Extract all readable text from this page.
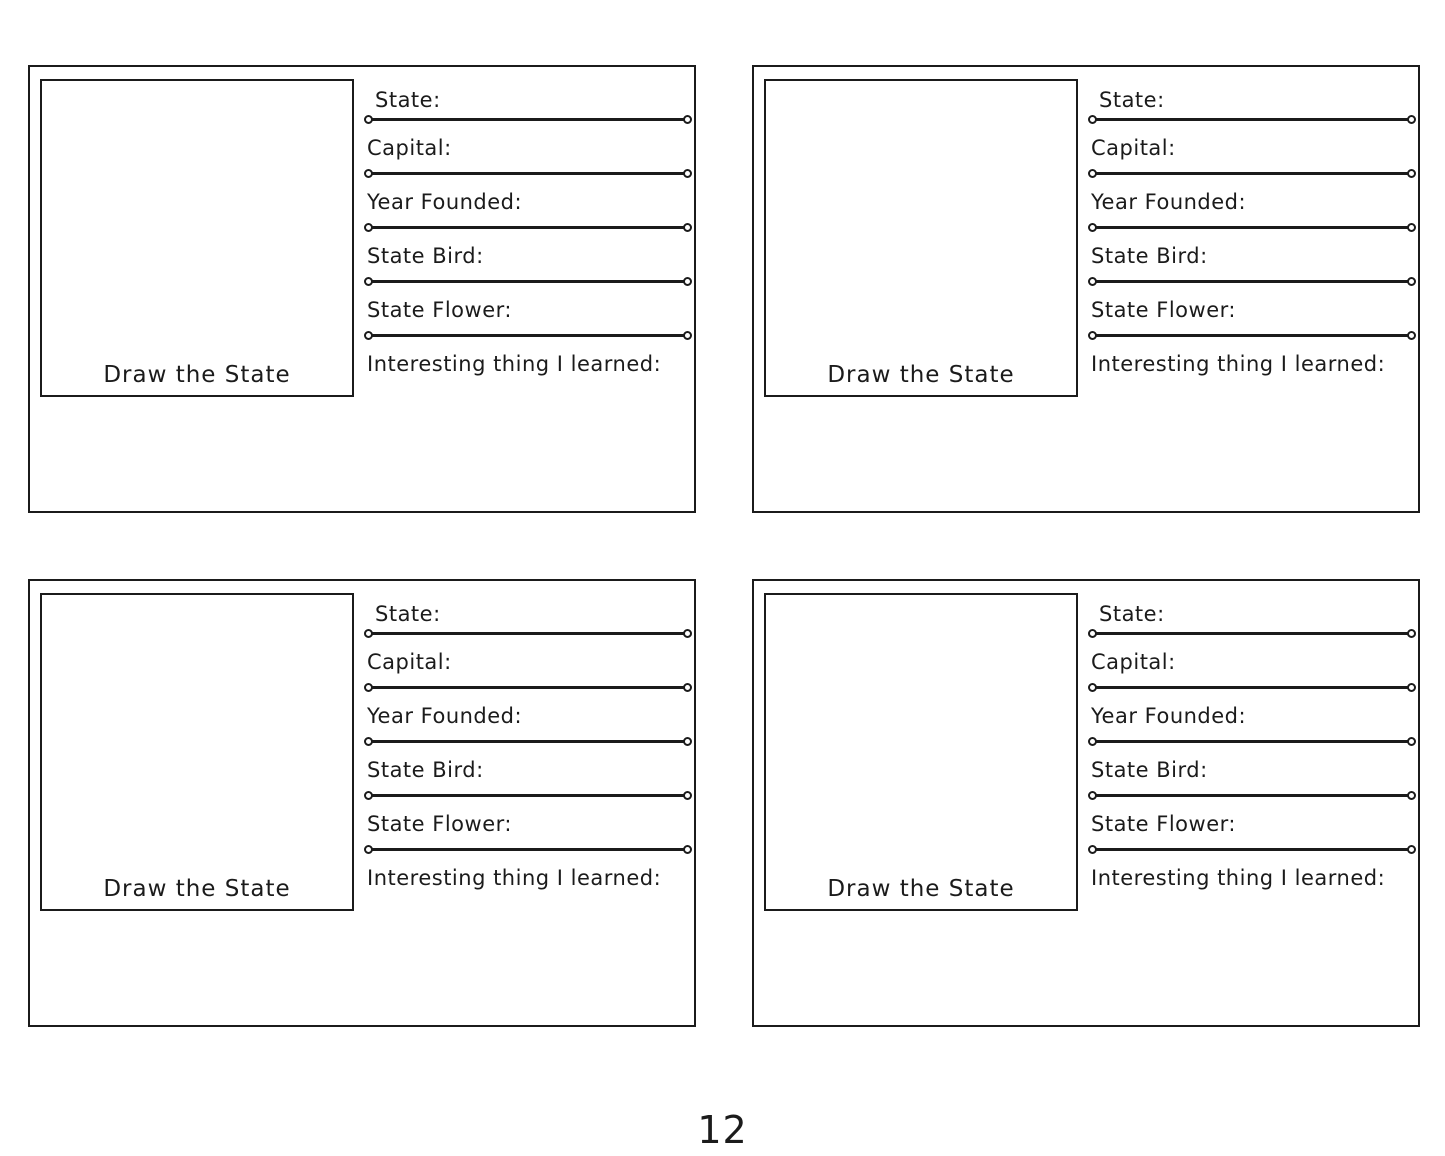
Draw the State
State:
Capital:
Year Founded:
State Bird:
State Flower:
Interesting thing I learned:	Draw the State
State:
Capital:
Year Founded:
State Bird:
State Flower:
Interesting thing I learned:
Draw the State
State:
Capital:
Year Founded:
State Bird:
State Flower:
Interesting thing I learned:	Draw the State
State:
Capital:
Year Founded:
State Bird:
State Flower:
Interesting thing I learned:
12
